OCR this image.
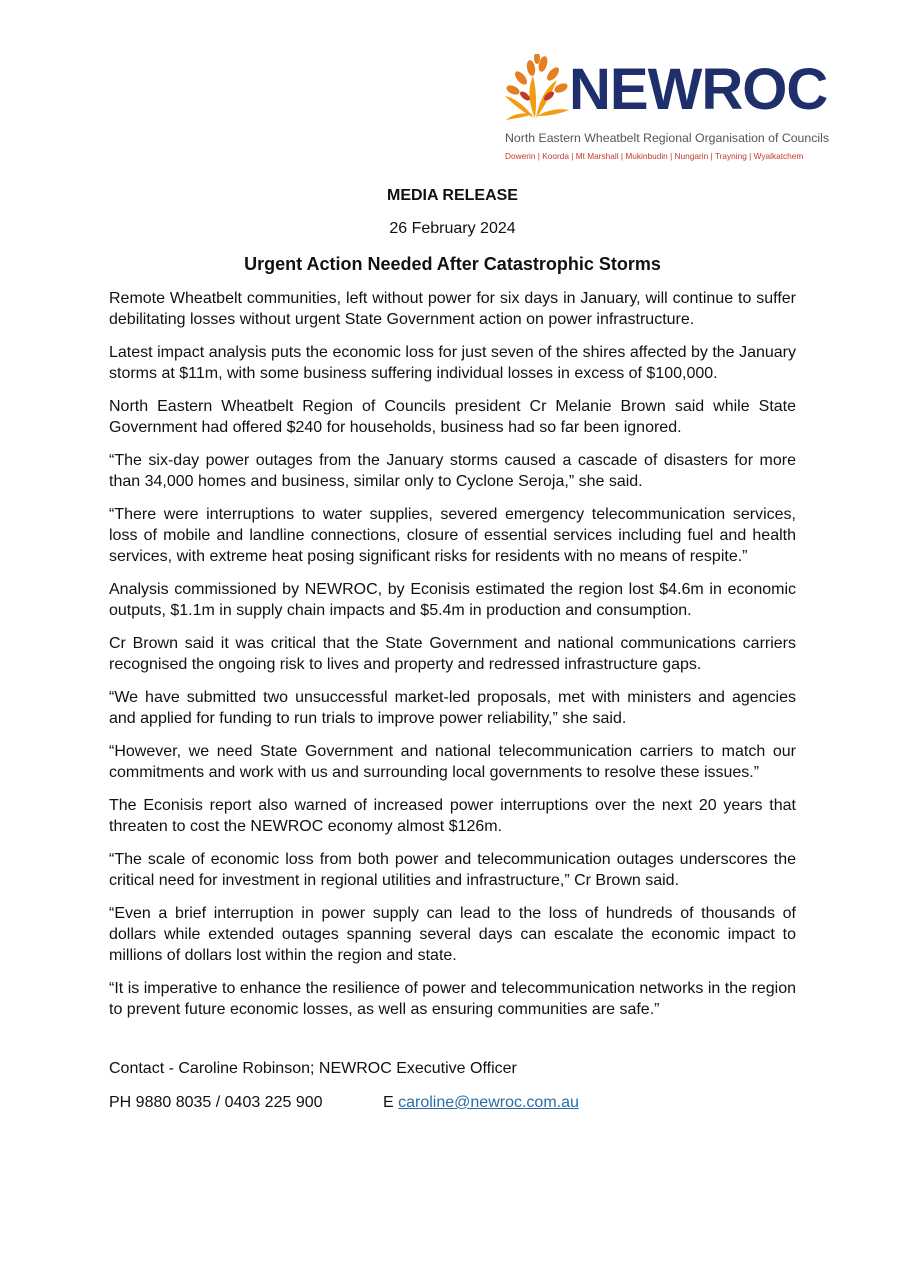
NEWROC
North Eastern Wheatbelt Regional Organisation of Councils
Dowerin | Koorda | Mt Marshall | Mukinbudin | Nungarin | Trayning | Wyalkatchem
MEDIA RELEASE
26 February 2024
Urgent Action Needed After Catastrophic Storms

Remote Wheatbelt communities, left without power for six days in January, will continue to suffer debilitating losses without urgent State Government action on power infrastructure.

Latest impact analysis puts the economic loss for just seven of the shires affected by the January storms at $11m, with some business suffering individual losses in excess of $100,000.

North Eastern Wheatbelt Region of Councils president Cr Melanie Brown said while State Government had offered $240 for households, business had so far been ignored.

“The six-day power outages from the January storms caused a cascade of disasters for more than 34,000 homes and business, similar only to Cyclone Seroja,” she said.

“There were interruptions to water supplies, severed emergency telecommunication services, loss of mobile and landline connections, closure of essential services including fuel and health services, with extreme heat posing significant risks for residents with no means of respite.”

Analysis commissioned by NEWROC, by Econisis estimated the region lost $4.6m in economic outputs, $1.1m in supply chain impacts and $5.4m in production and consumption.

Cr Brown said it was critical that the State Government and national communications carriers recognised the ongoing risk to lives and property and redressed infrastructure gaps.

“We have submitted two unsuccessful market-led proposals, met with ministers and agencies and applied for funding to run trials to improve power reliability,” she said.

“However, we need State Government and national telecommunication carriers to match our commitments and work with us and surrounding local governments to resolve these issues.”

The Econisis report also warned of increased power interruptions over the next 20 years that threaten to cost the NEWROC economy almost $126m.

“The scale of economic loss from both power and telecommunication outages underscores the critical need for investment in regional utilities and infrastructure,” Cr Brown said.

“Even a brief interruption in power supply can lead to the loss of hundreds of thousands of dollars while extended outages spanning several days can escalate the economic impact to millions of dollars lost within the region and state.

“It is imperative to enhance the resilience of power and telecommunication networks in the region to prevent future economic losses, as well as ensuring communities are safe.”

Contact - Caroline Robinson; NEWROC Executive Officer
PH 9880 8035 / 0403 225 900	E caroline@newroc.com.au
